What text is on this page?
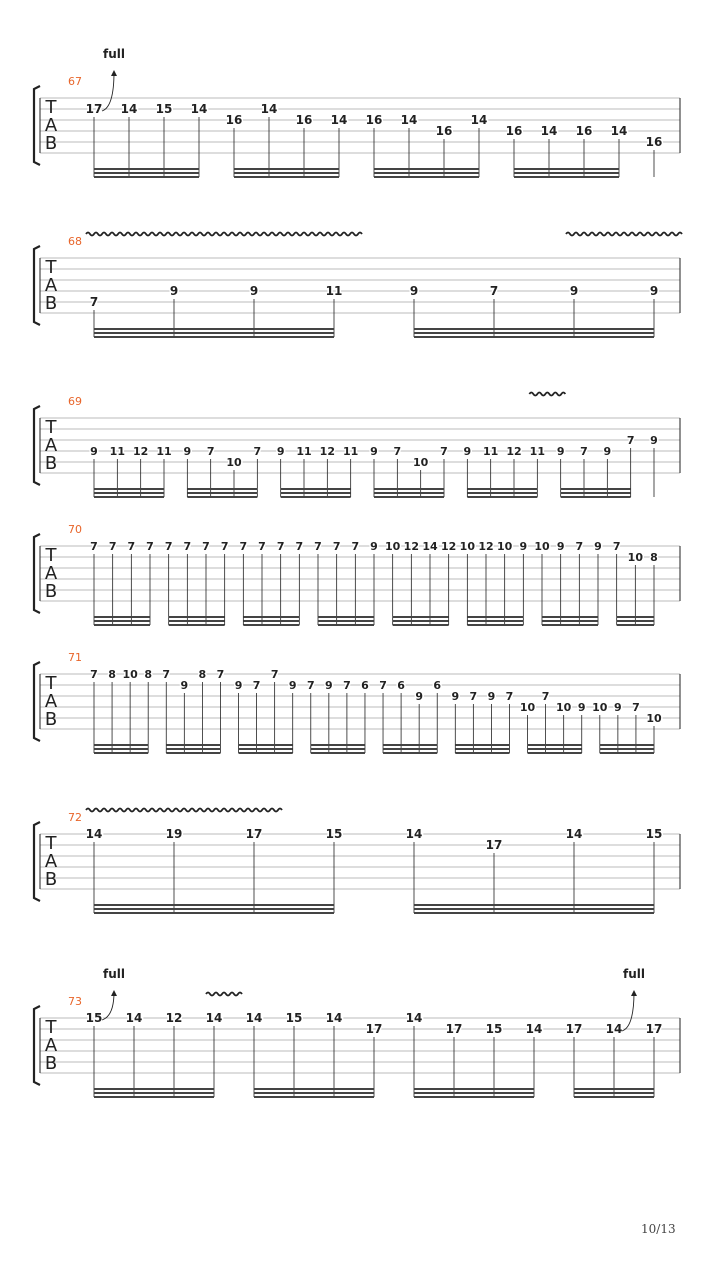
T
A
B
67
17 14 15 14
16
14
16 14 16 14
16
14
16 14 16 14
16
full
T
A
B
68
7
9	9	11	9	7	9	9
T
A
B
69
9 11 12 11 9 7
10
7 9 11 12 11 9 7
10
7 9 11 12 11 9 7 9
7 9
T
A
B
70
7 7 7 7 7 7 7 7 7 7 7 7 7 7 7 9 10 12 14 12 10 12 10 9 10 9 7 9 7
10 8
T
A
B
71
7 8 10 8 7
9
8 7
9 7
7
9 7 9 7 6 7 6
9
6
9 7 9 7
10
7
10 9 10 9 7
10
T
A
B
72
14	19	17	15	14
17
14	15
T
A
B
73
15 14 12 14 14 15 14
17
14
17 15 14 17 14 17
full	full
10/13
